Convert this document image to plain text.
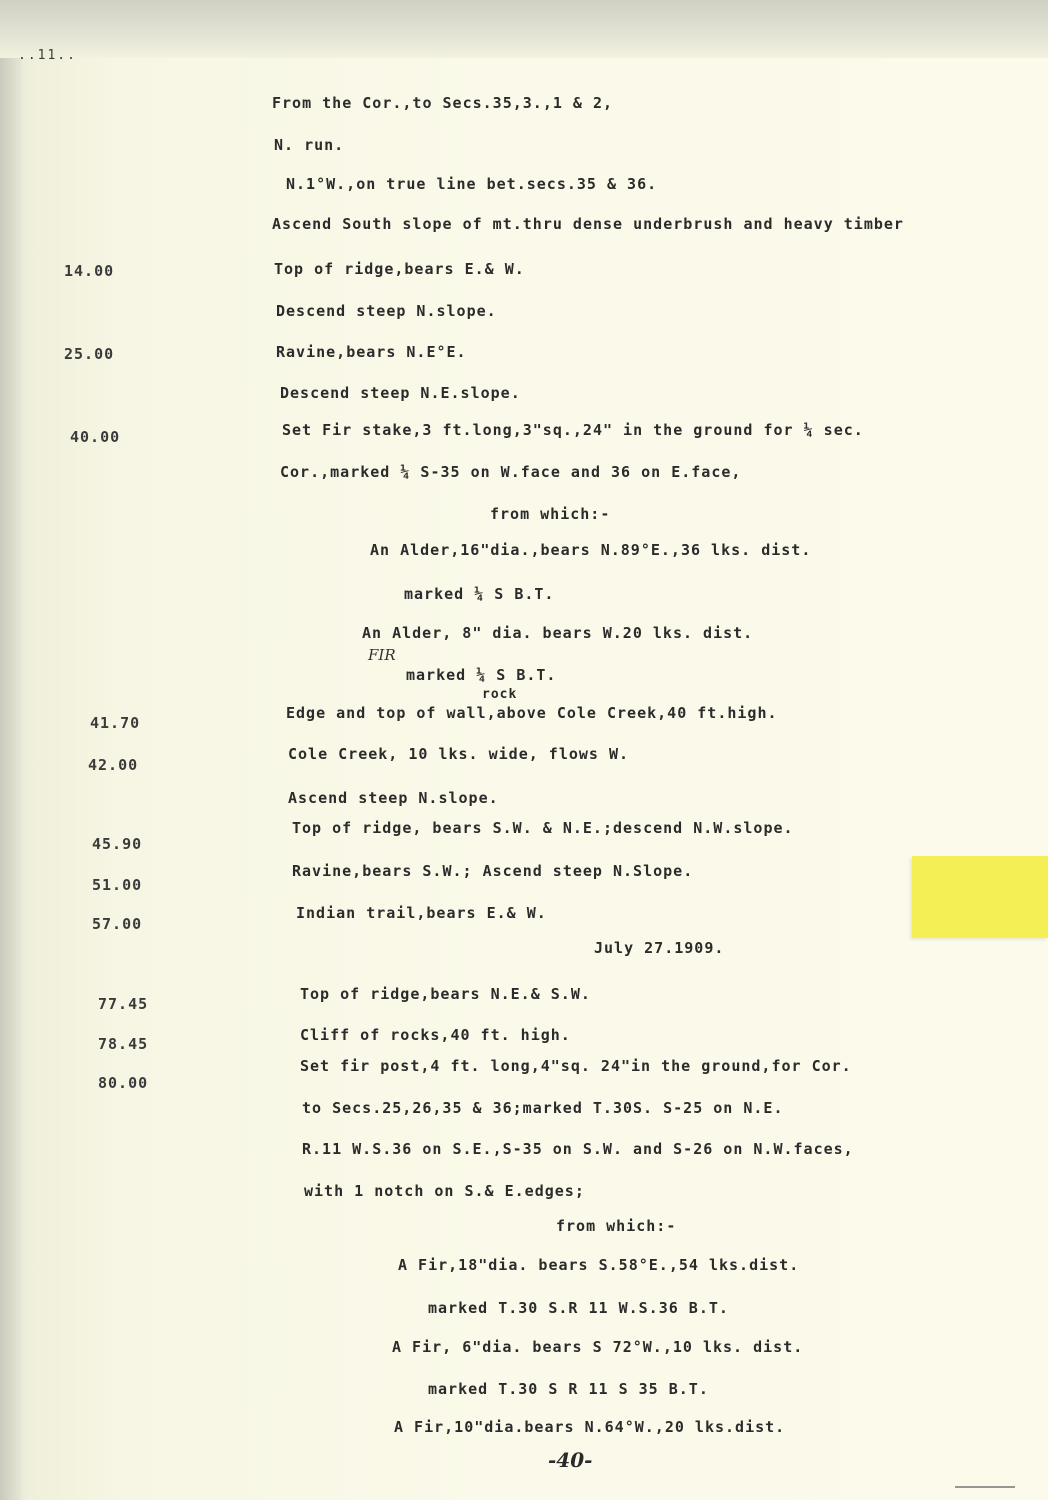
..11..
14.00
25.00
40.00
41.70
42.00
45.90
51.00
57.00
77.45
78.45
80.00
From the Cor.,to Secs.35,3.,1 & 2,
N. run.
N.1°W.,on true line bet.secs.35 & 36.
Ascend South slope of mt.thru dense underbrush and heavy timber
Top of ridge,bears E.& W.
Descend steep N.slope.
Ravine,bears N.E°E.
Descend steep N.E.slope.
Set Fir stake,3 ft.long,3"sq.,24" in the ground for ¼ sec.
Cor.,marked ¼ S-35 on W.face and 36 on E.face,
from which:-
An Alder,16"dia.,bears N.89°E.,36 lks. dist.
marked ¼ S B.T.
An Alder, 8" dia. bears W.20 lks. dist.
FIR
marked ¼ S B.T.
rock
Edge and top of wall,above Cole Creek,40 ft.high.
Cole Creek, 10 lks. wide, flows W.
Ascend steep N.slope.
Top of ridge, bears S.W. & N.E.;descend N.W.slope.
Ravine,bears S.W.; Ascend steep N.Slope.
Indian trail,bears E.& W.
July 27.1909.
Top of ridge,bears N.E.& S.W.
Cliff of rocks,40 ft. high.
Set fir post,4 ft. long,4"sq. 24"in the ground,for Cor.
to Secs.25,26,35 & 36;marked T.30S. S-25 on N.E.
R.11 W.S.36 on S.E.,S-35 on S.W. and S-26 on N.W.faces,
with 1 notch on S.& E.edges;
from which:-
A Fir,18"dia. bears S.58°E.,54 lks.dist.
marked T.30 S.R 11 W.S.36 B.T.
A Fir, 6"dia. bears S 72°W.,10 lks. dist.
marked T.30 S R 11 S 35 B.T.
A Fir,10"dia.bears N.64°W.,20 lks.dist.
-40-
